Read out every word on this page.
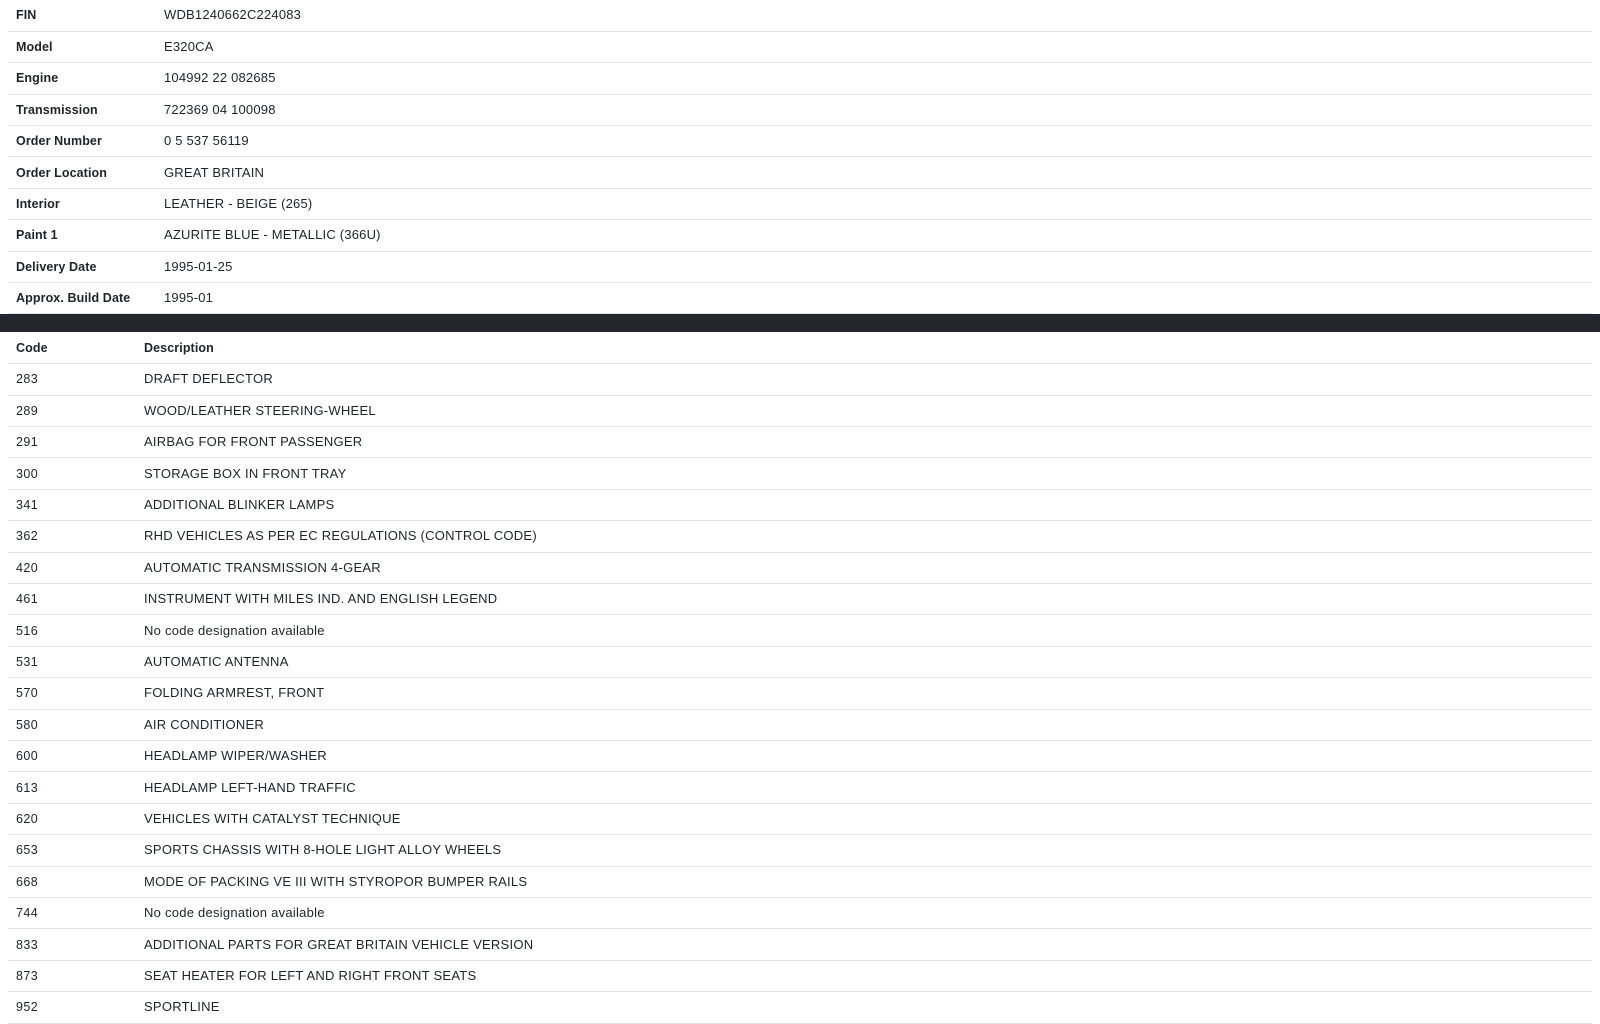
FIN	WDB1240662C224083
Model	E320CA
Engine	104992 22 082685
Transmission	722369 04 100098
Order Number	0 5 537 56119
Order Location	GREAT BRITAIN
Interior	LEATHER - BEIGE (265)
Paint 1	AZURITE BLUE - METALLIC (366U)
Delivery Date	1995-01-25
Approx. Build Date	1995-01
Code	Description

283	DRAFT DEFLECTOR

289	WOOD/LEATHER STEERING-WHEEL

291	AIRBAG FOR FRONT PASSENGER

300	STORAGE BOX IN FRONT TRAY

341	ADDITIONAL BLINKER LAMPS

362	RHD VEHICLES AS PER EC REGULATIONS (CONTROL CODE)

420	AUTOMATIC TRANSMISSION 4-GEAR

461	INSTRUMENT WITH MILES IND. AND ENGLISH LEGEND

516	No code designation available

531	AUTOMATIC ANTENNA

570	FOLDING ARMREST, FRONT

580	AIR CONDITIONER

600	HEADLAMP WIPER/WASHER

613	HEADLAMP LEFT-HAND TRAFFIC

620	VEHICLES WITH CATALYST TECHNIQUE

653	SPORTS CHASSIS WITH 8-HOLE LIGHT ALLOY WHEELS

668	MODE OF PACKING VE III WITH STYROPOR BUMPER RAILS

744	No code designation available

833	ADDITIONAL PARTS FOR GREAT BRITAIN VEHICLE VERSION

873	SEAT HEATER FOR LEFT AND RIGHT FRONT SEATS

952	SPORTLINE
